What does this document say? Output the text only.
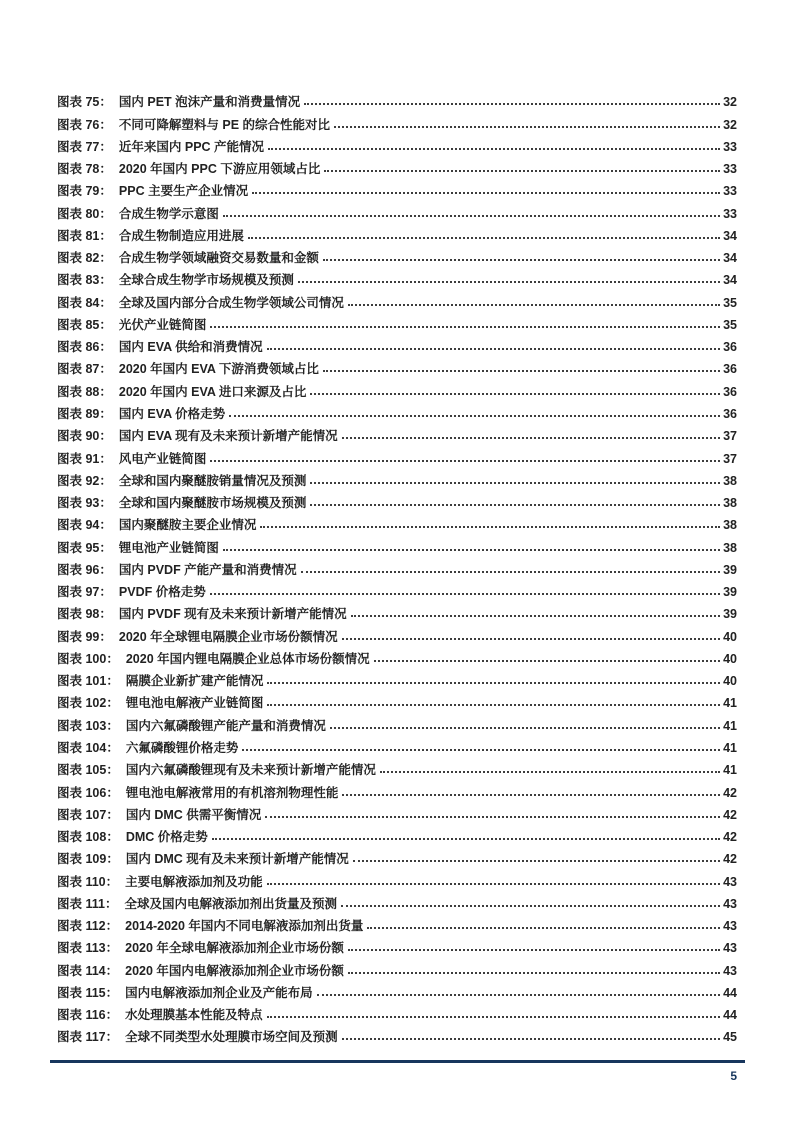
图表 75： 国内 PET 泡沫产量和消费量情况	32
图表 76： 不同可降解塑料与 PE 的综合性能对比	32
图表 77： 近年来国内 PPC 产能情况	33
图表 78： 2020 年国内 PPC 下游应用领域占比	33
图表 79： PPC 主要生产企业情况	33
图表 80： 合成生物学示意图	33
图表 81： 合成生物制造应用进展	34
图表 82： 合成生物学领域融资交易数量和金额	34
图表 83： 全球合成生物学市场规模及预测	34
图表 84： 全球及国内部分合成生物学领域公司情况	35
图表 85： 光伏产业链简图	35
图表 86： 国内 EVA 供给和消费情况	36
图表 87： 2020 年国内 EVA 下游消费领域占比	36
图表 88： 2020 年国内 EVA 进口来源及占比	36
图表 89： 国内 EVA 价格走势	36
图表 90： 国内 EVA 现有及未来预计新增产能情况	37
图表 91： 风电产业链简图	37
图表 92： 全球和国内聚醚胺销量情况及预测	38
图表 93： 全球和国内聚醚胺市场规模及预测	38
图表 94： 国内聚醚胺主要企业情况	38
图表 95： 锂电池产业链简图	38
图表 96： 国内 PVDF 产能产量和消费情况	39
图表 97： PVDF 价格走势	39
图表 98： 国内 PVDF 现有及未来预计新增产能情况	39
图表 99： 2020 年全球锂电隔膜企业市场份额情况	40
图表 100： 2020 年国内锂电隔膜企业总体市场份额情况	40
图表 101： 隔膜企业新扩建产能情况	40
图表 102： 锂电池电解液产业链简图	41
图表 103： 国内六氟磷酸锂产能产量和消费情况	41
图表 104： 六氟磷酸锂价格走势	41
图表 105： 国内六氟磷酸锂现有及未来预计新增产能情况	41
图表 106： 锂电池电解液常用的有机溶剂物理性能	42
图表 107： 国内 DMC 供需平衡情况	42
图表 108： DMC 价格走势	42
图表 109： 国内 DMC 现有及未来预计新增产能情况	42
图表 110： 主要电解液添加剂及功能	43
图表 111： 全球及国内电解液添加剂出货量及预测	43
图表 112： 2014-2020 年国内不同电解液添加剂出货量	43
图表 113： 2020 年全球电解液添加剂企业市场份额	43
图表 114： 2020 年国内电解液添加剂企业市场份额	43
图表 115： 国内电解液添加剂企业及产能布局	44
图表 116： 水处理膜基本性能及特点	44
图表 117： 全球不同类型水处理膜市场空间及预测	45
5
